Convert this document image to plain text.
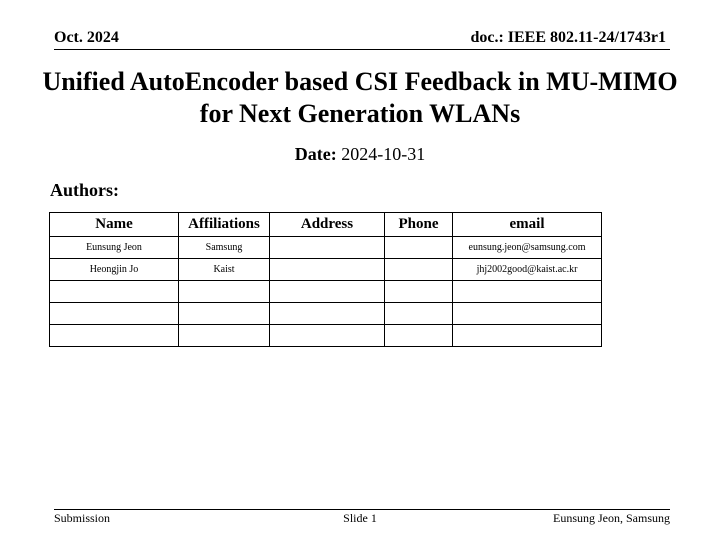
Oct. 2024	doc.: IEEE 802.11-24/1743r1
Unified AutoEncoder based CSI Feedback in MU-MIMO
for Next Generation WLANs
Date: 2024-10-31
Authors:
Name	Affiliations	Address	Phone	email
Eunsung Jeon	Samsung			eunsung.jeon@samsung.com
Heongjin Jo	Kaist			jhj2002good@kaist.ac.kr

Submission	Slide 1	Eunsung Jeon, Samsung
